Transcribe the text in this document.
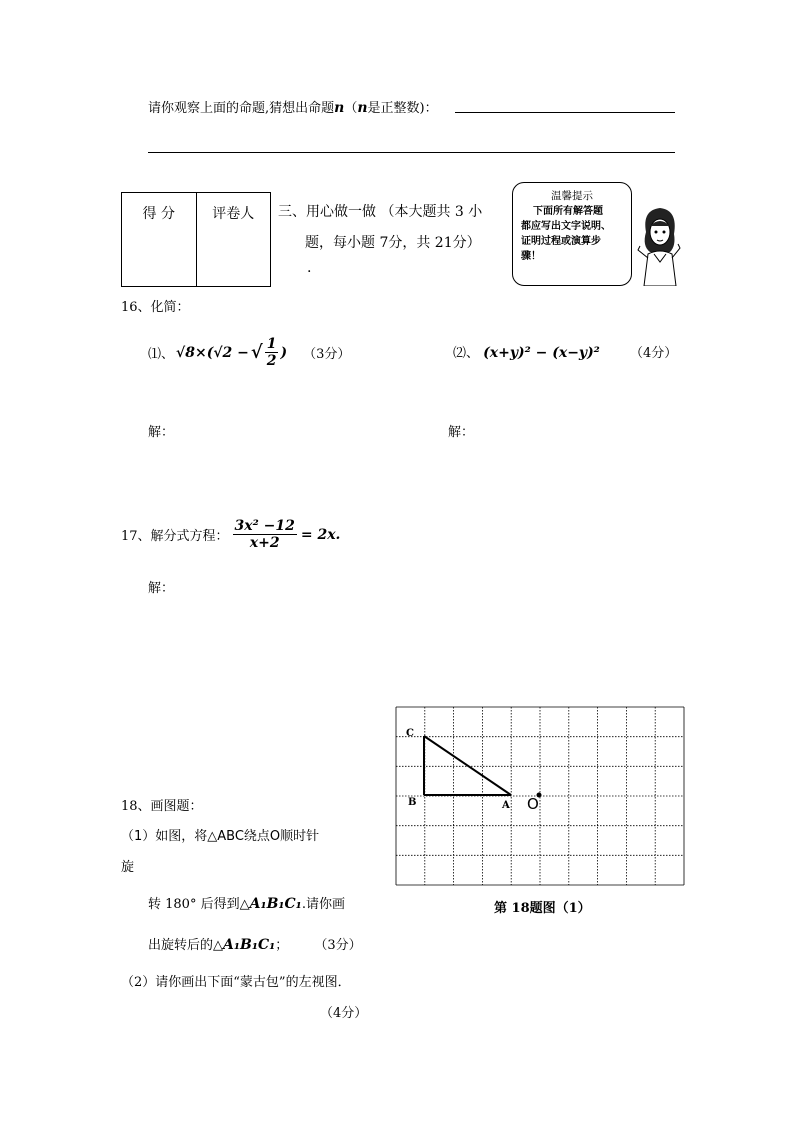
请你观察上面的命题,猜想出命题n（n是正整数)：
得 分	评卷人	三、用心做一做 （本大题共 3 小
题，每小题 7分，共 21分）
.
温馨提示
下面所有解答题
都应写出文字说明、
证明过程或演算步
骤！
16、化简：
⑴、 √8×(√2 − √ $\frac{1}{2}$ ) （3分）	⑵、 (x+y)² − (x−y)² （4分）
解：	解：
17、解分式方程： $\frac{\text{3x² −12}}{x+2} = 2x$.
解：
18、画图题：
（1）如图，将△ABC绕点O顺时针
旋
转 180° 后得到△A₁B₁C₁.请你画
出旋转后的△A₁B₁C₁； （3分）
（2）请你画出下面“蒙古包”的左视图．
（4分）
C
B	A O
第 18题图（1）
